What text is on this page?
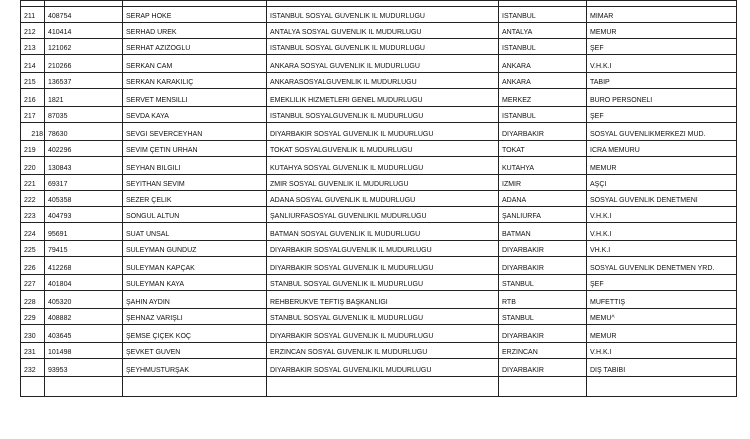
211	408754	SERAP HOKE	ISTANBUL SOSYAL GUVENLIK IL MUDURLUGU	ISTANBUL	MIMAR
212	410414	SERHAD UREK	ANTALYA SOSYAL GUVENLIK IL MUDURLUGU	ANTALYA	MEMUR
213	121062	SERHAT AZIZOGLU	ISTANBUL SOSYAL GUVENLIK IL MUDURLUGU	ISTANBUL	ŞEF
214	210266	SERKAN CAM	ANKARA SOSYAL GUVENLIK IL MUDURLUGU	ANKARA	V.H.K.I
215	136537	SERKAN KARAKILIÇ	ANKARASOSYALGUVENLIK IL MUDURLUGU	ANKARA	TABIP
216	1821	SERVET MENSILLI	EMEKLILIK HIZMETLERI GENEL MUDURLUGU	MERKEZ	BURO PERSONELI
217	87035	SEVDA KAYA	ISTANBUL SOSYALGUVENLIK IL MUDURLUGU	ISTANBUL	ŞEF
218	78630	SEVGI SEVERCEYHAN	DIYARBAKIR SOSYAL GUVENLIK IL MUDURLUGU	DIYARBAKIR	SOSYAL GUVENLIKMERKEZI MUD.
219	402296	SEVIM ÇETIN URHAN	TOKAT SOSYALGUVENLIK IL MUDURLUGU	TOKAT	ICRA MEMURU
220	130843	SEYHAN BILGILI	KUTAHYA SOSYAL GUVENLIK IL MUDURLUGU	KUTAHYA	MEMUR
221	69317	SEYITHAN SEVIM	ZMIR SOSYAL GUVENLIK IL MUDURLUGU	IZMIR	AŞÇI
222	405358	SEZER ÇELIK	ADANA SOSYAL GUVENLIK IL MUDURLUGU	ADANA	SOSYAL GUVENLIK DENETMENI
223	404793	SONGUL ALTUN	ŞANLIURFASOSYAL GUVENLIKIL MUDURLUGU	ŞANLIURFA	V.H.K.I
224	95691	SUAT UNSAL	BATMAN SOSYAL GUVENLIK IL MUDURLUGU	BATMAN	V.H.K.I
225	79415	SULEYMAN GUNDUZ	DIYARBAKIR SOSYALGUVENLIK IL MUDURLUGU	DIYARBAKIR	VH.K.I
226	412268	SULEYMAN KAPÇAK	DIYARBAKIR SOSYAL GUVENLIK IL MUDURLUGU	DIYARBAKIR	SOSYAL GUVENLIK DENETMEN YRD.
227	401804	SULEYMAN KAYA	STANBUL SOSYAL GUVENLIK IL MUDURLUGU	STANBUL	ŞEF
228	405320	ŞAHIN AYDIN	REHBERUKVE TEFTIŞ BAŞKANLIGI	RTB	MUFETTIŞ
229	408882	ŞEHNAZ VARIŞLI	STANBUL SOSYAL GUVENLIK IL MUDURLUGU	STANBUL	MEMU^
230	403645	ŞEMSE ÇIÇEK KOÇ	DIYARBAKIR SOSYAL GUVENLIK IL MUDURLUGU	DIYARBAKIR	MEMUR
231	101498	ŞEVKET GUVEN	ERZINCAN SOSYAL GUVENLIK IL MUDURLUGU	ERZINCAN	V.H.K.I
232	93953	ŞEYHMUSTURŞAK	DIYARBAKIR SOSYAL GUVENLIKIL MUDURLUGU	DIYARBAKIR	DIŞ TABIBI
